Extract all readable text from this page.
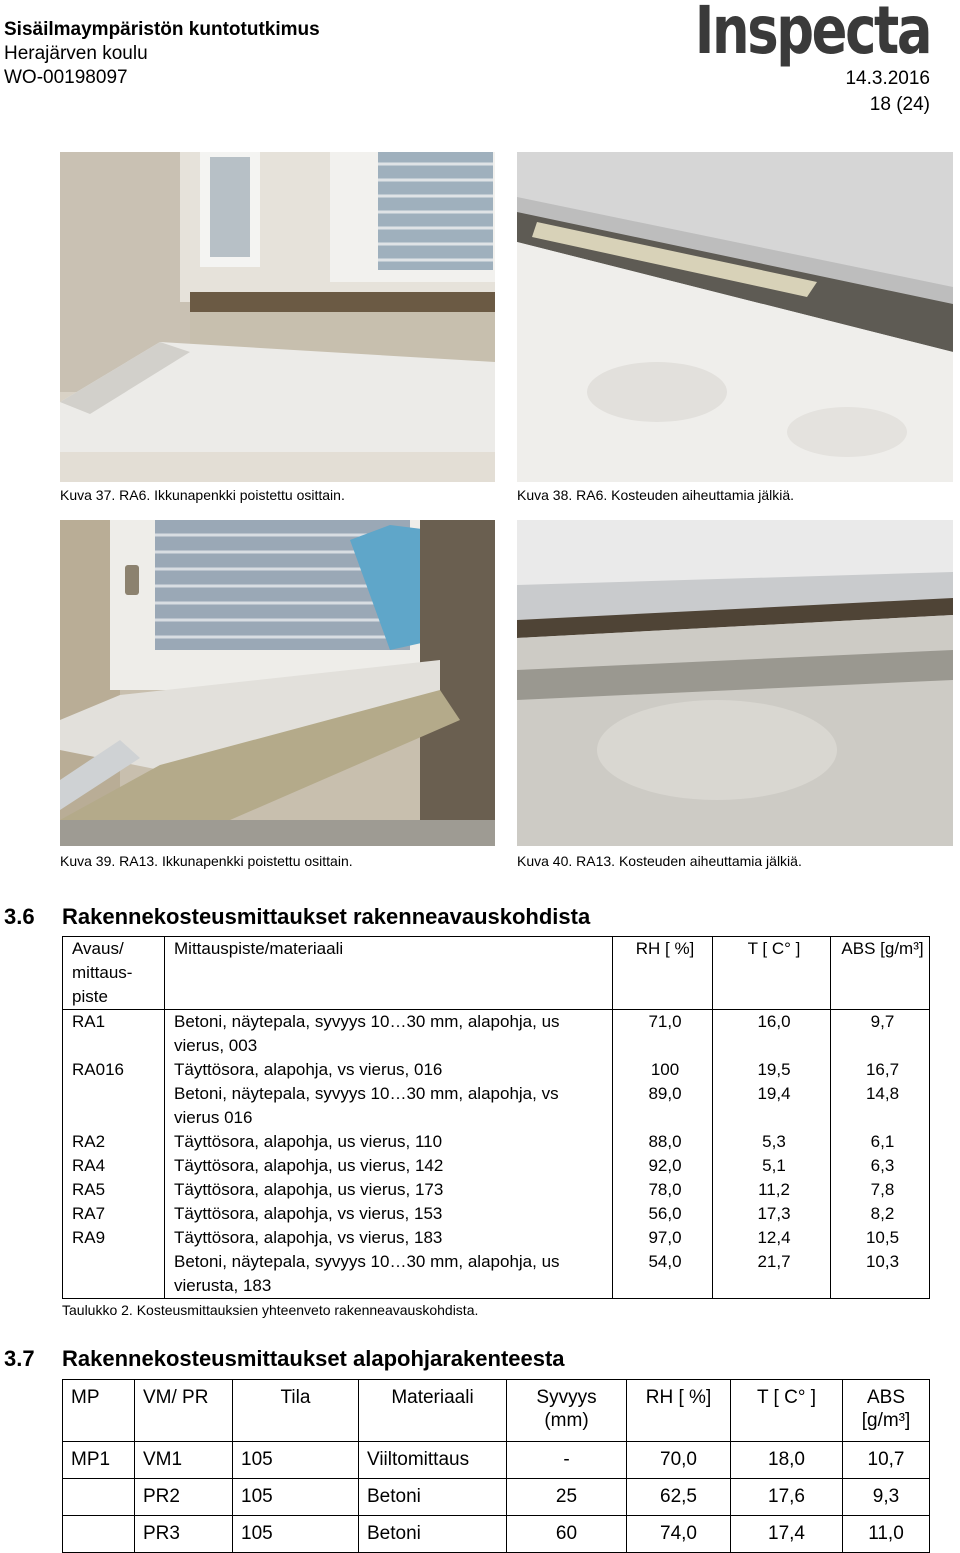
Sisäilmaympäristön kuntotutkimus
Herajärven koulu
WO-00198097
Inspecta
14.3.2016
18 (24)
Kuva 37. RA6. Ikkunapenkki poistettu osittain.	Kuva 38. RA6. Kosteuden aiheuttamia jälkiä.
Kuva 39. RA13. Ikkunapenkki poistettu osittain.	Kuva 40. RA13. Kosteuden aiheuttamia jälkiä.
3.6 Rakennekosteusmittaukset rakenneavauskohdista
Avaus/ mittaus-piste	Mittauspiste/materiaali	RH [ %]	T [ C° ]	ABS [g/m³]
RA1	Betoni, näytepala, syvyys 10…30 mm, alapohja, us vierus, 003	71,0	16,0	9,7
RA016	Täyttösora, alapohja, vs vierus, 016	100	19,5	16,7
	Betoni, näytepala, syvyys 10…30 mm, alapohja, vs vierus 016	89,0	19,4	14,8
RA2	Täyttösora, alapohja, us vierus, 110	88,0	5,3	6,1
RA4	Täyttösora, alapohja, us vierus, 142	92,0	5,1	6,3
RA5	Täyttösora, alapohja, us vierus, 173	78,0	11,2	7,8
RA7	Täyttösora, alapohja, vs vierus, 153	56,0	17,3	8,2
RA9	Täyttösora, alapohja, vs vierus, 183	97,0	12,4	10,5
	Betoni, näytepala, syvyys 10…30 mm, alapohja, us vierusta, 183	54,0	21,7	10,3
Taulukko 2. Kosteusmittauksien yhteenveto rakenneavauskohdista.
3.7 Rakennekosteusmittaukset alapohjarakenteesta
MP	VM/ PR	Tila	Materiaali	Syvyys (mm)	RH [ %]	T [ C° ]	ABS [g/m³]
MP1	VM1	105	Viiltomittaus	-	70,0	18,0	10,7
	PR2	105	Betoni	25	62,5	17,6	9,3
	PR3	105	Betoni	60	74,0	17,4	11,0
